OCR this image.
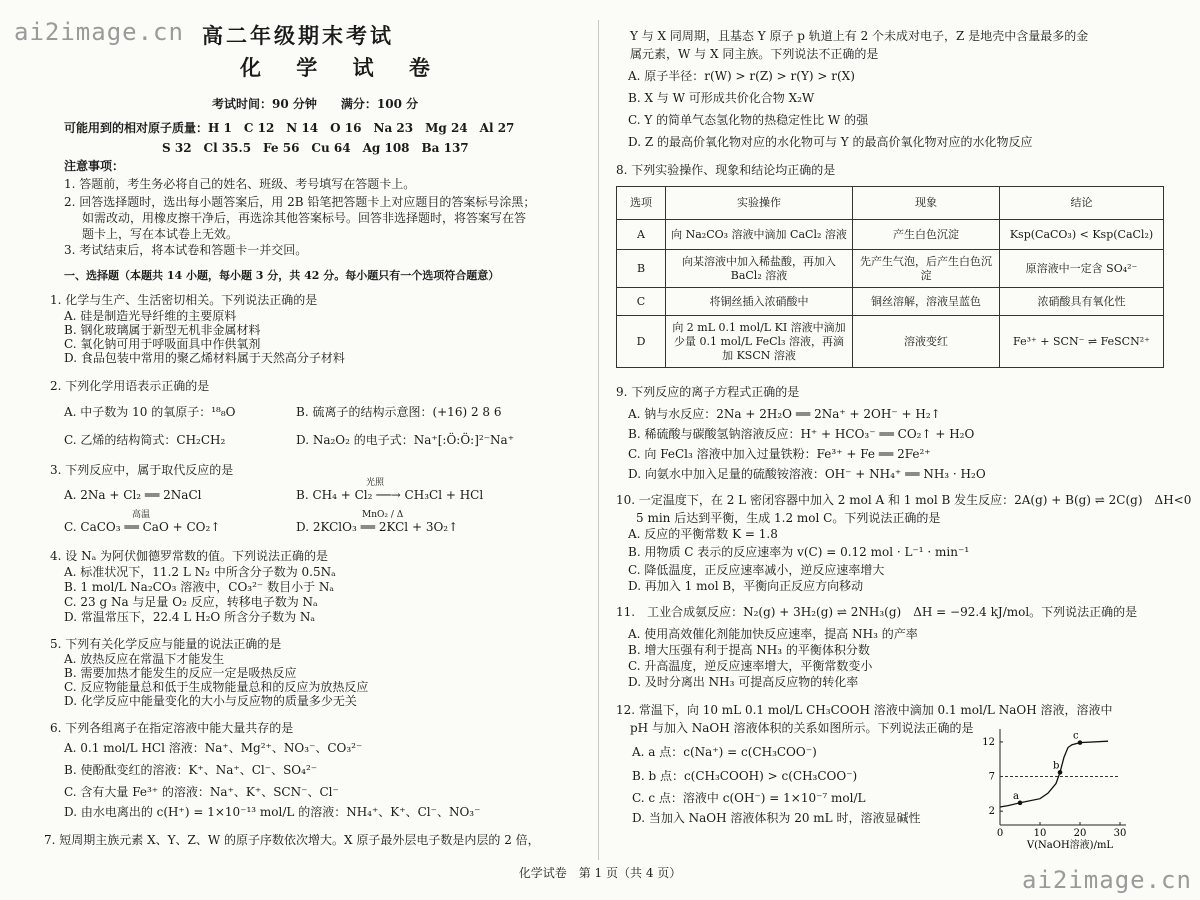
ai2image.cn
ai2image.cn
高二年级期末考试
化 学 试 卷
考试时间：90 分钟　　满分：100 分
可能用到的相对原子质量：H 1　C 12　N 14　O 16　Na 23　Mg 24　Al 27
S 32　Cl 35.5　Fe 56　Cu 64　Ag 108　Ba 137
注意事项：
1. 答题前，考生务必将自己的姓名、班级、考号填写在答题卡上。
2. 回答选择题时，选出每小题答案后，用 2B 铅笔把答题卡上对应题目的答案标号涂黑；
如需改动，用橡皮擦干净后，再选涂其他答案标号。回答非选择题时，将答案写在答
题卡上，写在本试卷上无效。
3. 考试结束后，将本试卷和答题卡一并交回。
一、选择题（本题共 14 小题，每小题 3 分，共 42 分。每小题只有一个选项符合题意）
1. 化学与生产、生活密切相关。下列说法正确的是
A. 硅是制造光导纤维的主要原料
B. 钢化玻璃属于新型无机非金属材料
C. 氧化钠可用于呼吸面具中作供氧剂
D. 食品包装中常用的聚乙烯材料属于天然高分子材料
2. 下列化学用语表示正确的是
A. 中子数为 10 的氧原子：¹⁸₈O	B. 硫离子的结构示意图：(+16) 2 8 6
C. 乙烯的结构简式：CH₂CH₂	D. Na₂O₂ 的电子式：Na⁺[:Ö:Ö:]²⁻Na⁺
3. 下列反应中，属于取代反应的是
A. 2Na + Cl₂ ══ 2NaCl
光照
B. CH₄ + Cl₂ ──→ CH₃Cl + HCl
高温
C. CaCO₃ ══ CaO + CO₂↑
MnO₂ / Δ
D. 2KClO₃ ══ 2KCl + 3O₂↑
4. 设 Nₐ 为阿伏伽德罗常数的值。下列说法正确的是
A. 标准状况下，11.2 L N₂ 中所含分子数为 0.5Nₐ
B. 1 mol/L Na₂CO₃ 溶液中，CO₃²⁻ 数目小于 Nₐ
C. 23 g Na 与足量 O₂ 反应，转移电子数为 Nₐ
D. 常温常压下，22.4 L H₂O 所含分子数为 Nₐ
5. 下列有关化学反应与能量的说法正确的是
A. 放热反应在常温下才能发生
B. 需要加热才能发生的反应一定是吸热反应
C. 反应物能量总和低于生成物能量总和的反应为放热反应
D. 化学反应中能量变化的大小与反应物的质量多少无关
6. 下列各组离子在指定溶液中能大量共存的是
A. 0.1 mol/L HCl 溶液：Na⁺、Mg²⁺、NO₃⁻、CO₃²⁻
B. 使酚酞变红的溶液：K⁺、Na⁺、Cl⁻、SO₄²⁻
C. 含有大量 Fe³⁺ 的溶液：Na⁺、K⁺、SCN⁻、Cl⁻
D. 由水电离出的 c(H⁺) = 1×10⁻¹³ mol/L 的溶液：NH₄⁺、K⁺、Cl⁻、NO₃⁻
7. 短周期主族元素 X、Y、Z、W 的原子序数依次增大。X 原子最外层电子数是内层的 2 倍，
Y 与 X 同周期，且基态 Y 原子 p 轨道上有 2 个未成对电子，Z 是地壳中含量最多的金
属元素，W 与 X 同主族。下列说法不正确的是
A. 原子半径：r(W) > r(Z) > r(Y) > r(X)
B. X 与 W 可形成共价化合物 X₂W
C. Y 的简单气态氢化物的热稳定性比 W 的强
D. Z 的最高价氧化物对应的水化物可与 Y 的最高价氧化物对应的水化物反应
8. 下列实验操作、现象和结论均正确的是
选项	实验操作	现象	结论
A	向 Na₂CO₃ 溶液中滴加 CaCl₂ 溶液	产生白色沉淀	Ksp(CaCO₃) < Ksp(CaCl₂)
B	向某溶液中加入稀盐酸，再加入 BaCl₂ 溶液	先产生气泡，后产生白色沉淀	原溶液中一定含 SO₄²⁻
C	将铜丝插入浓硝酸中	铜丝溶解，溶液呈蓝色	浓硝酸具有氧化性
D	向 2 mL 0.1 mol/L KI 溶液中滴加少量 0.1 mol/L FeCl₃ 溶液，再滴加 KSCN 溶液	溶液变红	Fe³⁺ + SCN⁻ ⇌ FeSCN²⁺
9. 下列反应的离子方程式正确的是
A. 钠与水反应：2Na + 2H₂O ══ 2Na⁺ + 2OH⁻ + H₂↑
B. 稀硫酸与碳酸氢钠溶液反应：H⁺ + HCO₃⁻ ══ CO₂↑ + H₂O
C. 向 FeCl₃ 溶液中加入过量铁粉：Fe³⁺ + Fe ══ 2Fe²⁺
D. 向氨水中加入足量的硫酸铵溶液：OH⁻ + NH₄⁺ ══ NH₃ · H₂O
10. 一定温度下，在 2 L 密闭容器中加入 2 mol A 和 1 mol B 发生反应：2A(g) + B(g) ⇌ 2C(g)　ΔH<0
5 min 后达到平衡，生成 1.2 mol C。下列说法正确的是
A. 反应的平衡常数 K = 1.8
B. 用物质 C 表示的反应速率为 v(C) = 0.12 mol · L⁻¹ · min⁻¹
C. 降低温度，正反应速率减小，逆反应速率增大
D. 再加入 1 mol B，平衡向正反应方向移动
11.　工业合成氨反应：N₂(g) + 3H₂(g) ⇌ 2NH₃(g)　ΔH = −92.4 kJ/mol。下列说法正确的是
A. 使用高效催化剂能加快反应速率，提高 NH₃ 的产率
B. 增大压强有利于提高 NH₃ 的平衡体积分数
C. 升高温度，逆反应速率增大，平衡常数变小
D. 及时分离出 NH₃ 可提高反应物的转化率
12. 常温下，向 10 mL 0.1 mol/L CH₃COOH 溶液中滴加 0.1 mol/L NaOH 溶液，溶液中
pH 与加入 NaOH 溶液体积的关系如图所示。下列说法正确的是
A. a 点：c(Na⁺) = c(CH₃COO⁻)
B. b 点：c(CH₃COOH) > c(CH₃COO⁻)
C. c 点：溶液中 c(OH⁻) = 1×10⁻⁷ mol/L
D. 当加入 NaOH 溶液体积为 20 mL 时，溶液显碱性
0	10	20	30
2
7
12
a
b
c
V(NaOH溶液)/mL
化学试卷　第 1 页（共 4 页）
